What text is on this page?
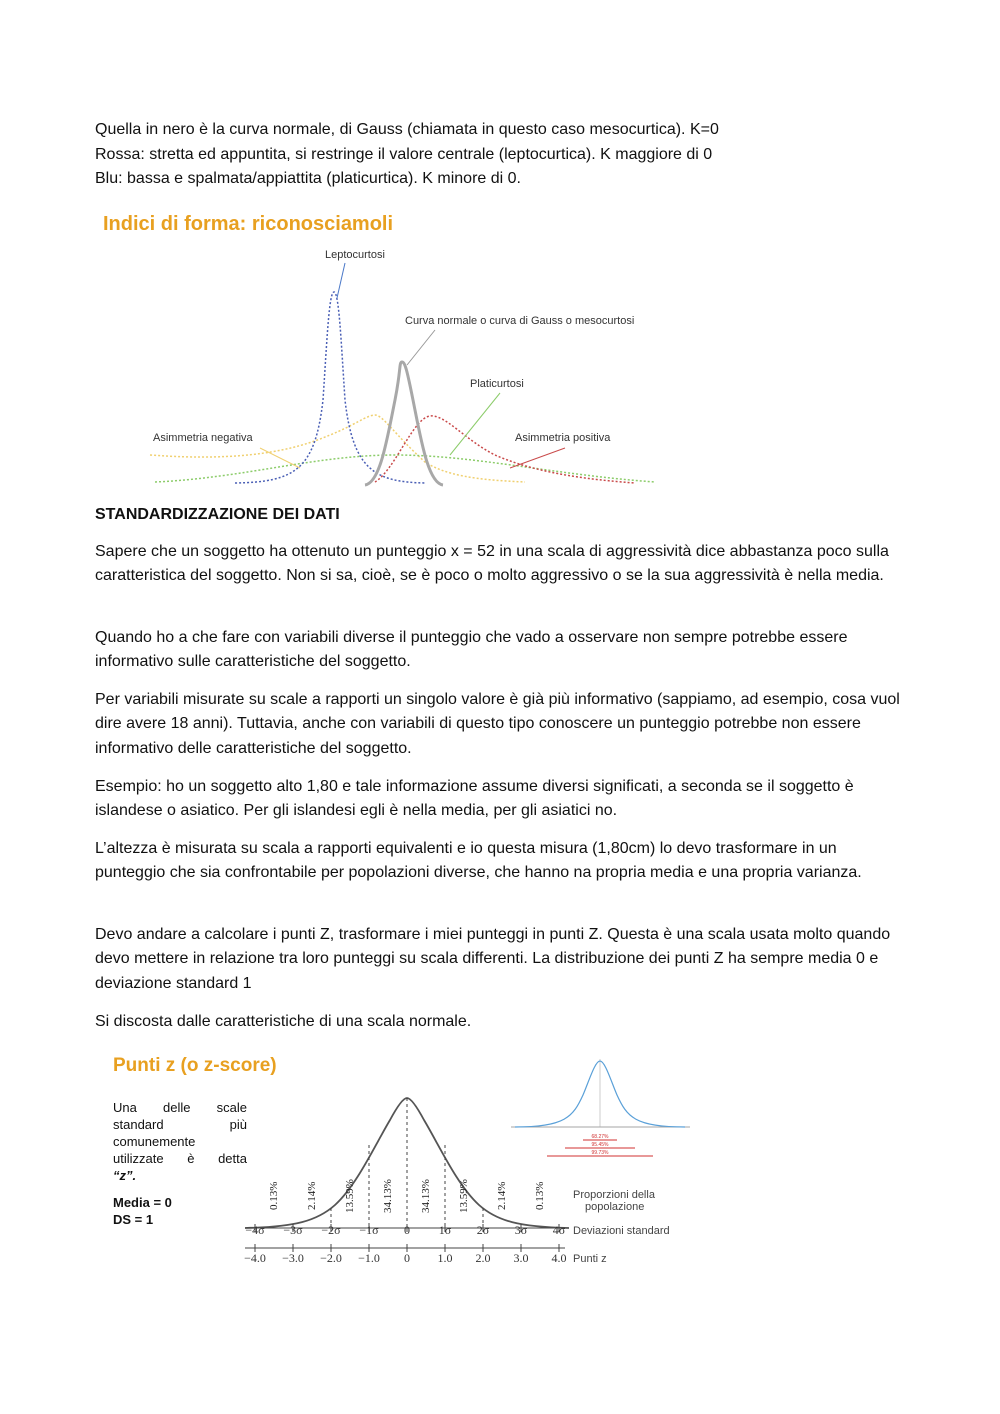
Quella in nero è la curva normale, di Gauss (chiamata in questo caso mesocurtica). K=0
Rossa: stretta ed appuntita, si restringe il valore centrale (leptocurtica). K maggiore di 0
Blu: bassa e spalmata/appiattita (platicurtica). K minore di 0.
Indici di forma: riconosciamoli
Leptocurtosi
Curva normale o curva di Gauss o mesocurtosi
Platicurtosi
Asimmetria negativa	Asimmetria positiva
STANDARDIZZAZIONE DEI DATI
Sapere che un soggetto ha ottenuto un punteggio x = 52 in una scala di aggressività dice abbastanza poco sulla caratteristica del soggetto. Non si sa, cioè, se è poco o molto aggressivo o se la sua aggressività è nella media.
Quando ho a che fare con variabili diverse il punteggio che vado a osservare non sempre potrebbe essere informativo sulle caratteristiche del soggetto.
Per variabili misurate su scale a rapporti un singolo valore è già più informativo (sappiamo, ad esempio, cosa vuol dire avere 18 anni). Tuttavia, anche con variabili di questo tipo conoscere un punteggio potrebbe non essere informativo delle caratteristiche del soggetto.
Esempio: ho un soggetto alto 1,80 e tale informazione assume diversi significati, a seconda se il soggetto è islandese o asiatico. Per gli islandesi egli è nella media, per gli asiatici no.
L’altezza è misurata su scala a rapporti equivalenti e io questa misura (1,80cm) lo devo trasformare in un punteggio che sia confrontabile per popolazioni diverse, che hanno na propria media e una propria varianza.
Devo andare a calcolare i punti Z, trasformare i miei punteggi in punti Z. Questa è una scala usata molto quando devo mettere in relazione tra loro punteggi su scala differenti. La distribuzione dei punti Z ha sempre media 0 e deviazione standard 1
Si discosta dalle caratteristiche di una scala normale.
Punti z (o z-score)
0.13% 2.14% 13.59% 34.13% 34.13% 13.59% 2.14% 0.13%
−4σ −3σ −2σ −1σ 0 1σ 2σ 3σ 4σ
−4.0 −3.0 −2.0 −1.0 0 1.0 2.0 3.0 4.0
Proporzioni della
popolazione
Deviazioni standard
Punti z
68.27%
95.45%
99.73%

Una delle scale

standard più

comunemente

utilizzate è detta

“z”.

Media = 0

DS = 1
